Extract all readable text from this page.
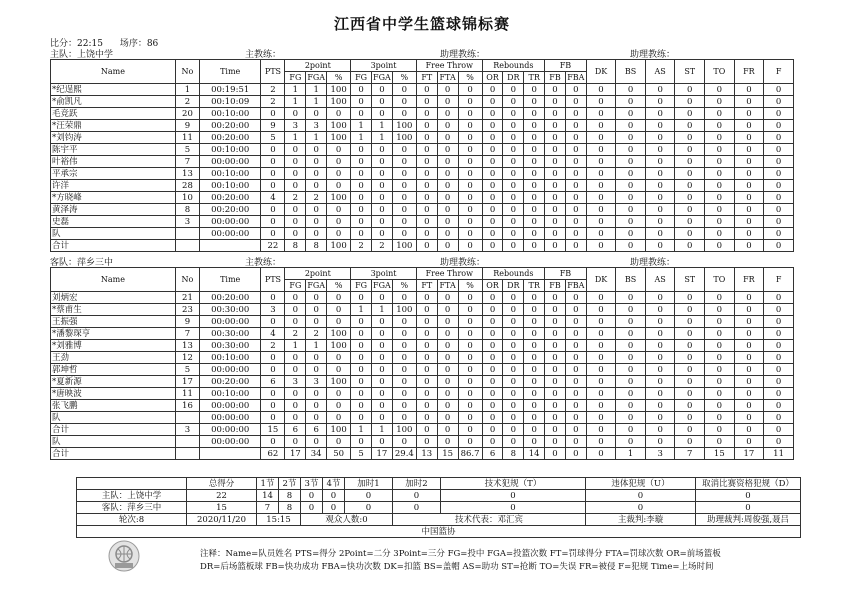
江西省中学生篮球锦标赛
比分：22:15 场序：86
主队：上饶中学	主教练：	助理教练：	助理教练：
Name	No	Time	PTS	2point			3point			Free Throw			Rebounds			FB		DK	BS	AS	ST	TO	FR	F
				FG	FGA	%	FG	FGA	%	FT	FTA	%	OR	DR	TR	FB	FBA							
*纪逞熙	1	00:19:51	2	1	1	100	0	0	0	0	0	0	0	0	0	0	0	0	0	0	0	0	0	0
*俞凯凡	2	00:10:09	2	1	1	100	0	0	0	0	0	0	0	0	0	0	0	0	0	0	0	0	0	0
毛竞跃	20	00:10:00	0	0	0	0	0	0	0	0	0	0	0	0	0	0	0	0	0	0	0	0	0	0
*汪荣鼎	9	00:20:00	9	3	3	100	1	1	100	0	0	0	0	0	0	0	0	0	0	0	0	0	0	0
*刘钧涛	11	00:20:00	5	1	1	100	1	1	100	0	0	0	0	0	0	0	0	0	0	0	0	0	0	0
陈宇平	5	00:10:00	0	0	0	0	0	0	0	0	0	0	0	0	0	0	0	0	0	0	0	0	0	0
叶裕伟	7	00:00:00	0	0	0	0	0	0	0	0	0	0	0	0	0	0	0	0	0	0	0	0	0	0
平承宗	13	00:10:00	0	0	0	0	0	0	0	0	0	0	0	0	0	0	0	0	0	0	0	0	0	0
许洋	28	00:10:00	0	0	0	0	0	0	0	0	0	0	0	0	0	0	0	0	0	0	0	0	0	0
*方晓峰	10	00:20:00	4	2	2	100	0	0	0	0	0	0	0	0	0	0	0	0	0	0	0	0	0	0
黄泽涛	8	00:20:00	0	0	0	0	0	0	0	0	0	0	0	0	0	0	0	0	0	0	0	0	0	0
史磊	3	00:00:00	0	0	0	0	0	0	0	0	0	0	0	0	0	0	0	0	0	0	0	0	0	0
队		00:00:00	0	0	0	0	0	0	0	0	0	0	0	0	0	0	0	0	0	0	0	0	0	0
合计			22	8	8	100	2	2	100	0	0	0	0	0	0	0	0	0	0	0	0	0	0	0
客队：萍乡三中	主教练：	助理教练：	助理教练：
Name	No	Time	PTS	2point			3point			Free Throw			Rebounds			FB		DK	BS	AS	ST	TO	FR	F
				FG	FGA	%	FG	FGA	%	FT	FTA	%	OR	DR	TR	FB	FBA							
刘炳宏	21	00:20:00	0	0	0	0	0	0	0	0	0	0	0	0	0	0	0	0	0	0	0	0	0	0
*蔡甫生	23	00:30:00	3	0	0	0	1	1	100	0	0	0	0	0	0	0	0	0	0	0	0	0	0	0
王振强	9	00:00:00	0	0	0	0	0	0	0	0	0	0	0	0	0	0	0	0	0	0	0	0	0	0
*潘黎琛亨	7	00:30:00	4	2	2	100	0	0	0	0	0	0	0	0	0	0	0	0	0	0	0	0	0	0
*刘雅博	13	00:30:00	2	1	1	100	0	0	0	0	0	0	0	0	0	0	0	0	0	0	0	0	0	0
王劲	12	00:10:00	0	0	0	0	0	0	0	0	0	0	0	0	0	0	0	0	0	0	0	0	0	0
郭坤哲	5	00:00:00	0	0	0	0	0	0	0	0	0	0	0	0	0	0	0	0	0	0	0	0	0	0
*夏新源	17	00:20:00	6	3	3	100	0	0	0	0	0	0	0	0	0	0	0	0	0	0	0	0	0	0
*唐映波	11	00:10:00	0	0	0	0	0	0	0	0	0	0	0	0	0	0	0	0	0	0	0	0	0	0
张飞鹏	16	00:00:00	0	0	0	0	0	0	0	0	0	0	0	0	0	0	0	0	0	0	0	0	0	0
队		00:00:00	0	0	0	0	0	0	0	0	0	0	0	0	0	0	0	0	0	0	0	0	0	0
合计	3	00:00:00	15	6	6	100	1	1	100	0	0	0	0	0	0	0	0	0	0	0	0	0	0	0
队		00:00:00	0	0	0	0	0	0	0	0	0	0	0	0	0	0	0	0	0	0	0	0	0	0
合计			62	17	34	50	5	17	29.4	13	15	86.7	6	8	14	0	0	0	1	3	7	15	17	11
	总得分	1节	2节	3节	4节	加时1	加时2	技术犯规（T）	违体犯规（U）	取消比赛资格犯规（D）
主队：上饶中学	22	14	8	0	0	0	0	0	0	0
客队：萍乡三中	15	7	8	0	0	0	0	0	0	0
轮次:8	2020/11/20	15:15		观众人数:0			技术代表：邓汇宾		主裁判:李璇	助理裁判:周俊强,聂吕
中国篮协										
注释：Name=队员姓名 PTS=得分 2Point=二分 3Point=三分 FG=投中 FGA=投篮次数 FT=罚球得分 FTA=罚球次数 OR=前场篮板
DR=后场篮板球 FB=快功成功 FBA=快功次数 DK=扣篮 BS=盖帽 AS=助功 ST=抢断 TO=失误 FR=被侵 F=犯规 Time=上场时间
